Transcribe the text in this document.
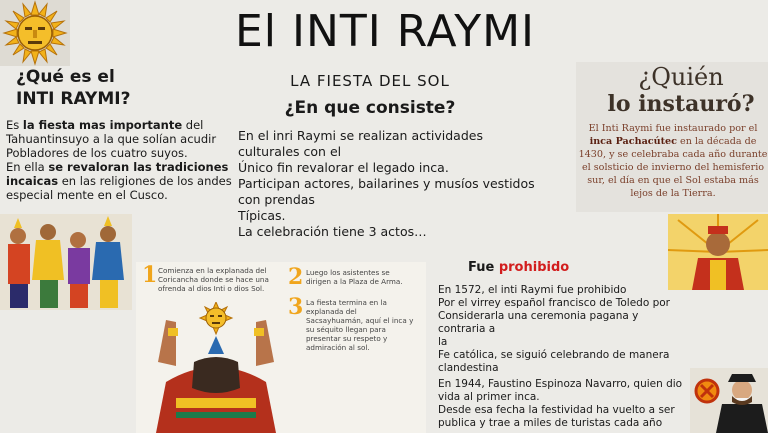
El INTI RAYMI
LA FIESTA DEL SOL
¿En que consiste?
¿Qué es el
INTI RAYMI?
Es la fiesta mas importante del Tahuantinsuyo a la que solían acudir Pobladores de los cuatro suyos.
En ella se revaloran las tradiciones incaicas en las religiones de los andes especial mente en el Cusco.
En el inri Raymi se realizan actividades
culturales con el
Único fin revalorar el legado inca.
Participan actores, bailarines y musíos vestidos
con prendas
Típicas.
La celebración tiene 3 actos…
¿Quién
lo instauró?
El Inti Raymi fue instaurado por el inca Pachacútec en la década de 1430, y se celebraba cada año durante el solsticio de invierno del hemisferio sur, el día en que el Sol estaba más lejos de la Tierra.
1 Comienza en la explanada del Coricancha donde se hace una ofrenda al dios Inti o dios Sol.	2 Luego los asistentes se dirigen a la Plaza de Arma.
3 La fiesta termina en la explanada del Sacsayhuamán, aquí el inca y su séquito llegan para presentar su respeto y admiración al sol.
Fue prohibido
En 1572, el inti Raymi fue prohibido
Por el virrey español francisco de Toledo por
Considerarla una ceremonia pagana y contraria a
la
Fe católica, se siguió celebrando de manera
clandestina
En 1944, Faustino Espinoza Navarro, quien dio
vida al primer inca.
Desde esa fecha la festividad ha vuelto a ser
publica y trae a miles de turistas cada año
